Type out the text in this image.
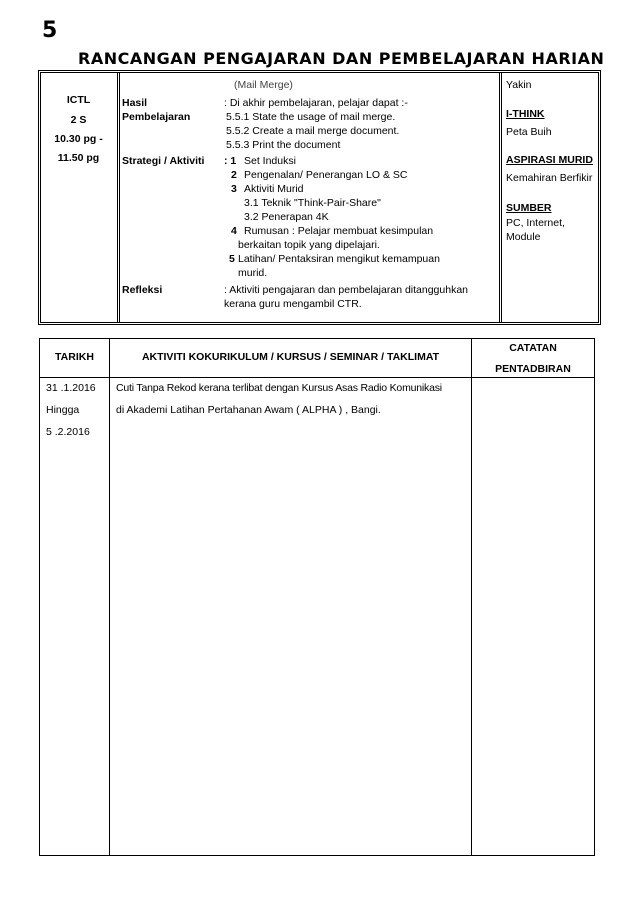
5
RANCANGAN PENGAJARAN DAN PEMBELAJARAN HARIAN
ICTL
2 S
10.30 pg -
11.50 pg
(Mail Merge)
Hasil
Pembelajaran
: Di akhir pembelajaran, pelajar dapat :-
5.5.1 State the usage of mail merge.
5.5.2 Create a mail merge document.
5.5.3 Print the document
Strategi / Aktiviti : 1 Set Induksi
2 Pengenalan/ Penerangan LO & SC
3 Aktiviti Murid
3.1 Teknik "Think-Pair-Share"
3.2 Penerapan 4K
4 Rumusan : Pelajar membuat kesimpulan
berkaitan topik yang dipelajari.
5 Latihan/ Pentaksiran mengikut kemampuan
murid.
Refleksi	: Aktiviti pengajaran dan pembelajaran ditangguhkan
kerana guru mengambil CTR.
Yakin
I-THINK
Peta Buih
ASPIRASI MURID
Kemahiran Berfikir
SUMBER
PC, Internet,
Module
TARIKH	AKTIVITI KOKURIKULUM / KURSUS / SEMINAR / TAKLIMAT
CATATAN
PENTADBIRAN
31 .1.2016
Hingga
5 .2.2016
Cuti Tanpa Rekod kerana terlibat dengan Kursus Asas Radio Komunikasi
di Akademi Latihan Pertahanan Awam ( ALPHA ) , Bangi.
